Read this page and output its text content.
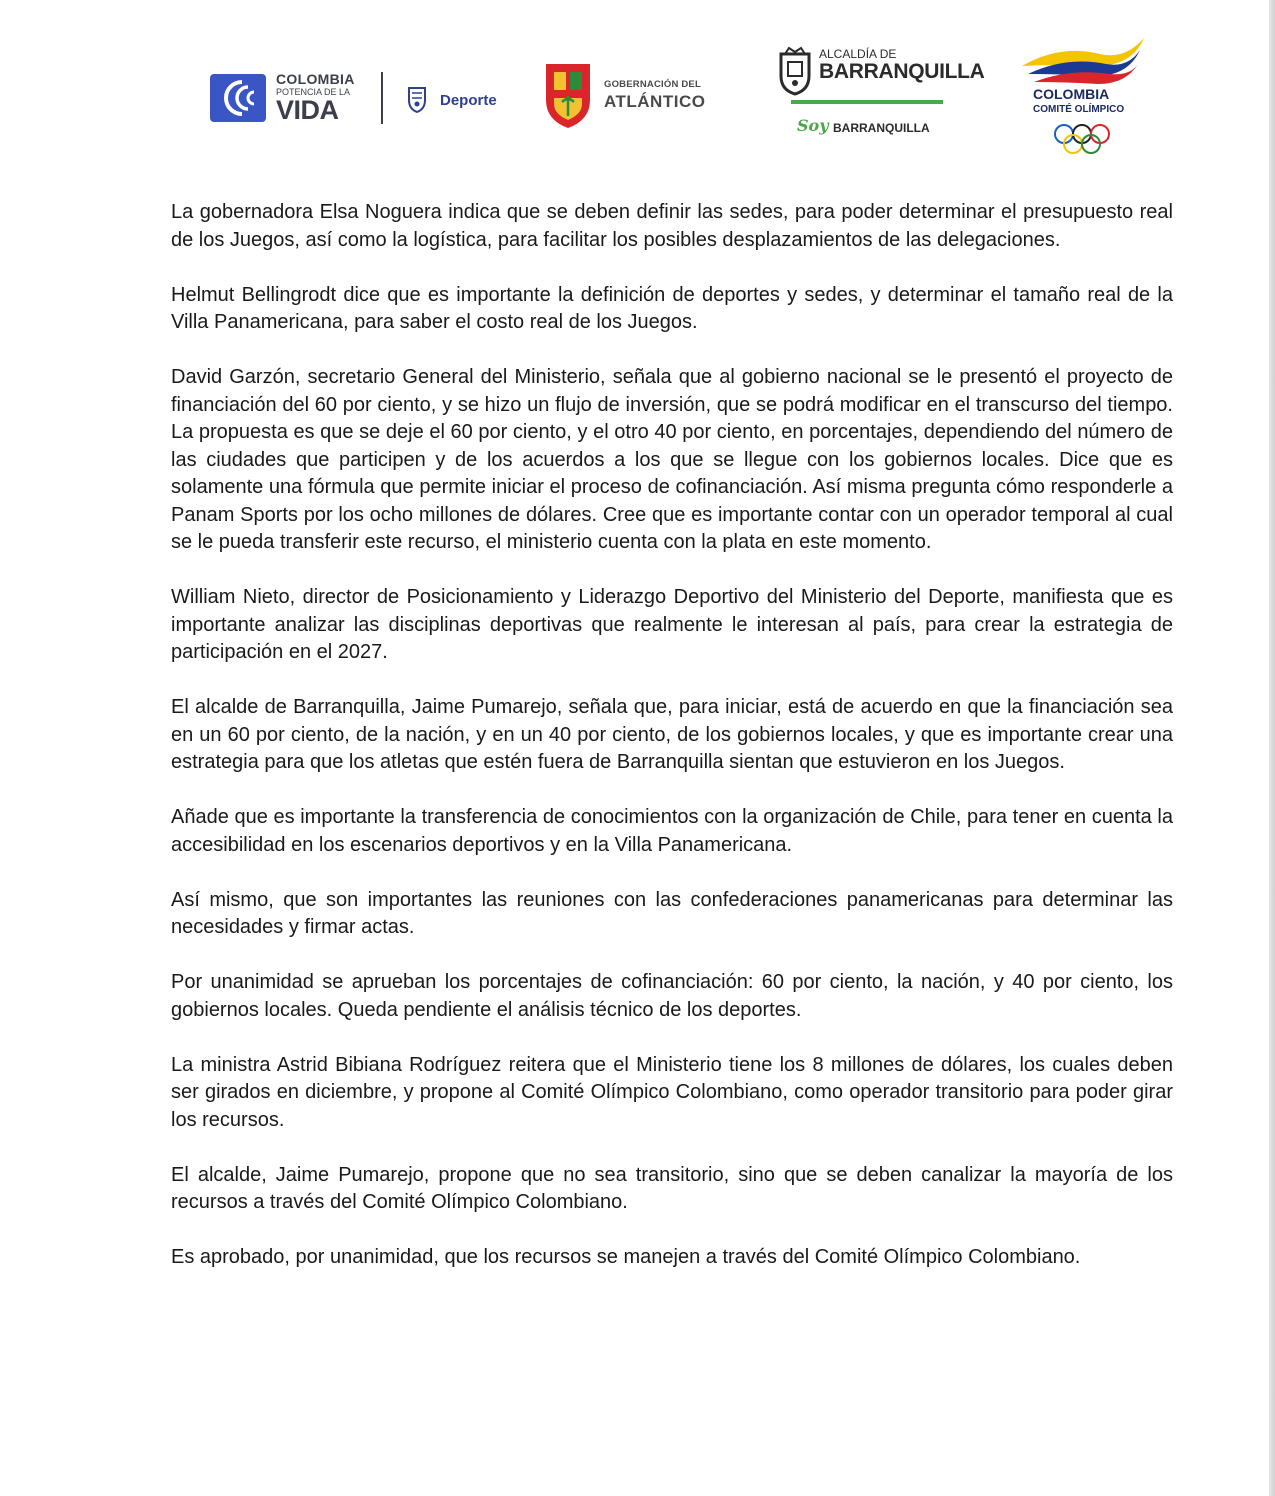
COLOMBIA
POTENCIA DE LA
VIDA	Deporte
GOBERNACIÓN DEL
ATLÁNTICO
ALCALDÍA DE
BARRANQUILLA
Soy BARRANQUILLA
COLOMBIA
COMITÉ OLÍMPICO

La gobernadora Elsa Noguera indica que se deben definir las sedes, para poder determinar el presupuesto real de los Juegos, así como la logística, para facilitar los posibles desplazamientos de las delegaciones.

Helmut Bellingrodt dice que es importante la definición de deportes y sedes, y determinar el tamaño real de la Villa Panamericana, para saber el costo real de los Juegos.

David Garzón, secretario General del Ministerio, señala que al gobierno nacional se le presentó el proyecto de financiación del 60 por ciento, y se hizo un flujo de inversión, que se podrá modificar en el transcurso del tiempo. La propuesta es que se deje el 60 por ciento, y el otro 40 por ciento, en porcentajes, dependiendo del número de las ciudades que participen y de los acuerdos a los que se llegue con los gobiernos locales. Dice que es solamente una fórmula que permite iniciar el proceso de cofinanciación. Así misma pregunta cómo responderle a Panam Sports por los ocho millones de dólares. Cree que es importante contar con un operador temporal al cual se le pueda transferir este recurso, el ministerio cuenta con la plata en este momento.

William Nieto, director de Posicionamiento y Liderazgo Deportivo del Ministerio del Deporte, manifiesta que es importante analizar las disciplinas deportivas que realmente le interesan al país, para crear la estrategia de participación en el 2027.

El alcalde de Barranquilla, Jaime Pumarejo, señala que, para iniciar, está de acuerdo en que la financiación sea en un 60 por ciento, de la nación, y en un 40 por ciento, de los gobiernos locales, y que es importante crear una estrategia para que los atletas que estén fuera de Barranquilla sientan que estuvieron en los Juegos.

Añade que es importante la transferencia de conocimientos con la organización de Chile, para tener en cuenta la accesibilidad en los escenarios deportivos y en la Villa Panamericana.

Así mismo, que son importantes las reuniones con las confederaciones panamericanas para determinar las necesidades y firmar actas.

Por unanimidad se aprueban los porcentajes de cofinanciación: 60 por ciento, la nación, y 40 por ciento, los gobiernos locales. Queda pendiente el análisis técnico de los deportes.

La ministra Astrid Bibiana Rodríguez reitera que el Ministerio tiene los 8 millones de dólares, los cuales deben ser girados en diciembre, y propone al Comité Olímpico Colombiano, como operador transitorio para poder girar los recursos.

El alcalde, Jaime Pumarejo, propone que no sea transitorio, sino que se deben canalizar la mayoría de los recursos a través del Comité Olímpico Colombiano.

Es aprobado, por unanimidad, que los recursos se manejen a través del Comité Olímpico Colombiano.
